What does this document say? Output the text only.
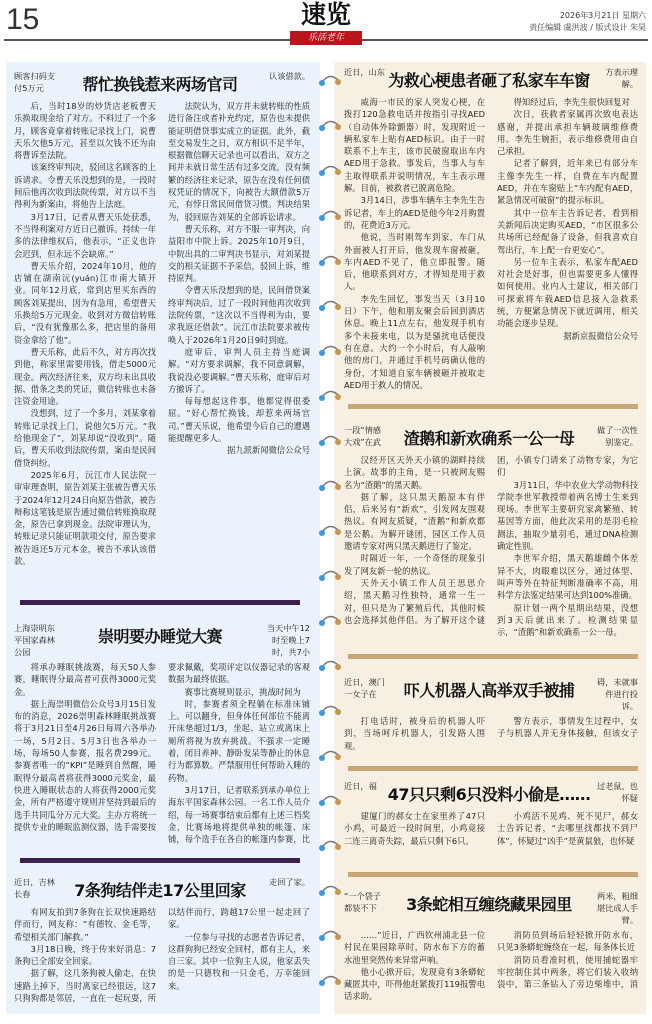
15	速览
乐活老年
2026年3月21日 星期六
责任编辑 虞洪波 / 版式设计 朱昊
顾客扫码支付5万元	帮忙换钱惹来两场官司	认该借款。

后，当时18岁的炒货店老板曹天乐换取现金给了对方。不料过了一个多月，顾客竟拿着转账记录找上门，说曹天乐欠他5万元，甚至以欠钱不还为由将曹诉至法院。

该案终审判决，驳回这名顾客的上诉请求。令曹天乐没想到的是，一段时间后他再次收到法院传票，对方以不当得利为新案由，将他告上法庭。

3月17日，记者从曹天乐处获悉，不当得利案对方近日已撤诉。持续一年多的法律维权后，他表示，“正义也许会迟到，但永远不会缺席。”

曹天乐介绍，2024年10月，他的店铺在湖南沅(yuán)江市南大镇开业。同年12月底，常到店里买东西的顾客刘某提出，因为有急用，希望曹天乐换给5万元现金。收到对方微信转账后，“没有犹豫那么多，把店里的备用资金拿给了他”。

曹天乐称，此后不久，对方再次找到他，称家里需要用钱，借走5000元现金。两次经济往来，双方均未出具收据、借条之类的凭证，微信转账也未备注资金用途。

没想到，过了一个多月，刘某拿着转账记录找上门，说他欠5万元。“我给他现金了”，刘某却说“没收到”。随后，曹天乐收到法院传票，案由是民间借贷纠纷。

2025年6月，沅江市人民法院一审审理查明，原告刘某主张被告曹天乐于2024年12月24日向原告借款，被告辩称这笔钱是原告通过微信转账换取现金，原告已拿到现金。法院审理认为，转账记录只能证明款项交付，原告要求被告返还5万元本金，被告不承认该借款。

法院认为，双方并未就转账的性质进行备注或者补充约定，原告也未提供能证明借贷事实成立的证据。此外，截至交易发生之日，双方相识不足半年，根据微信聊天记录也可以看出，双方之间并未就日常生活有过多交流，没有频繁的经济往来记录，原告在没有任何债权凭证的情况下，向被告大额借款5万元，有悖日常民间借贷习惯。判决结果为，驳回原告刘某的全部诉讼请求。

曹天乐称，对方不服一审判决，向益阳市中院上诉。2025年10月9日，中院出具的二审判决书显示，对刘某提交的相关证据不予采信，驳回上诉，维持原判。

令曹天乐没想到的是，民间借贷案终审判决后，过了一段时间他再次收到法院传票，“这次以不当得利为由，要求我返还借款”。沅江市法院要求被传唤人于2026年1月20日9时到庭。

庭审后，审判人员主持当庭调解。“对方要求调解，我不同意调解，我说没必要调解。”曹天乐称，庭审后对方撤诉了。

每每想起这件事，他都觉得很委屈。“好心帮忙换钱，却惹来两场官司。”曹天乐说，他希望今后自己的遭遇能提醒更多人。

据九派新闻微信公众号

上海崇明东平国家森林公园
崇明要办睡觉大赛	当天中午12时至晚上7时，共7小

将承办睡眠挑战赛，每天50人参赛，睡眠得分最高者可获得3000元奖金。

据上海崇明微信公众号3月15日发布的消息，2026崇明森林睡眠挑战赛将于3月21日至4月26日每周六各举办一场，5月2日、5月3日也各举办一场，每场50人参赛，报名费299元。参赛者唯一的“KPI”是睡到自然醒，睡眠得分最高者将获得3000元奖金，最快进入睡眠状态的人将获得2000元奖金，所有严格遵守规则并坚持到最后的选手共同瓜分万元大奖。主办方将统一提供专业的睡眠监测仪器，选手需要按要求佩戴，奖项评定以仪器记录的客观数据为最终依据。

赛事比赛规则显示，挑战时间为

时，参赛者须全程躺在标准床铺上。可以翻身，但身体任何部位不能离开床垫超过1/3，坐起、站立或离床上厕所将视为放弃挑战。不强求一定睡着，闭目养神、静卧发呆等静止的休息行为都算数。严禁服用任何帮助入睡的药物。

3月17日，记者联系到承办单位上海东平国家森林公园。一名工作人员介绍，每一场赛事结束后都有上述三档奖金，比赛场地将提供单独的帐篷、床铺，每个选手在各自的帐篷内参赛，比

近日，吉林长春	7条狗结伴走17公里回家	走回了家。

有网友拍到7条狗在长双快速路结伴而行，网友称：“有德牧、金毛等，希望相关部门解救。”

3月18日晚，终于传来好消息：7条狗已全部安全回家。

据了解，这几条狗被人偷走，在快速路上掉下，当时离家已经很远，这7只狗狗都是邻居，一直在一起玩耍，所以结伴而行，跨越17公里一起走回了家。

一位参与寻找的志愿者告诉记者，这群狗狗已经安全回村，都有主人，来自三家。其中一位狗主人说，他家丢失的是一只德牧和一只金毛，万幸能回来。

近日，山东 为救心梗患者砸了私家车车窗	方表示理解。

威海一市民的家人突发心梗，在拨打120急救电话并按指引寻找AED（自动体外除颤器）时，发现附近一辆私家车上贴有AED标识。由于一时联系不上车主，该市民破窗取出车内AED用于急救。事发后，当事人与车主取得联系并说明情况，车主表示理解。目前，被救者已脱离危险。

3月14日，涉事车辆车主李先生告诉记者，车上的AED是他今年2月购置的，花费近3万元。

他说，当时刚驾车到家，车门从外面被人打开后，他发现车窗被砸，车内AED不见了，他立即报警。随后，他联系到对方，才得知是用于救人。

李先生回忆，事发当天（3月10日）下午，他和朋友聚会后回到酒店休息。晚上11点左右，他发现手机有多个未接来电，以为是骚扰电话便没有在意。大约一个小时后，有人敲响他的房门，并通过手机号码确认他的身份，才知道自家车辆被砸并被取走AED用于救人的情况。

得知经过后，李先生很快回复对

次日，获救者家属再次致电表达感谢，并提出承担车辆玻璃维修费用。李先生婉拒，表示维修费用由自己承担。

记者了解到，近年来已有部分车主像李先生一样，自费在车内配置AED，并在车窗贴上“车内配有AED，紧急情况可破窗”的提示标识。

其中一位车主告诉记者，看到相关新闻后决定购买AED，“市区很多公共场所已经配备了设备，但我喜欢自驾出行，车上配一台更安心”。

另一位车主表示，私家车配AED对社会是好事，但也需要更多人懂得如何使用。业内人士建议，相关部门可探索将车载AED信息接入急救系统，方便紧急情况下就近调用，相关功能会逐步呈现。

据新京报微信公众号

一段“情感大戏”在武	渣鹅和新欢确系一公一母	做了一次性别鉴定。

汉经开区天外天小镇的湖畔持续上演。故事的主角，是一只被网友赐名为“渣鹅”的黑天鹅。

据了解，这只黑天鹅原本有伴侣，后来另有“新欢”，引发网友围观热议。有网友质疑，“渣鹅”和新欢都是公鹅。为解开谜团，园区工作人员邀请专家对两只黑天鹅进行了鉴定。

时隔近一年，一个奇怪的现象引发了网友新一轮的热议。

天外天小镇工作人员王思思介绍，黑天鹅习性独特，通常一生一对，但只是为了繁殖后代，其他时候也会选择其他伴侣。为了解开这个谜团，小镇专门请来了动物专家，为它们

3月11日，华中农业大学动物科技学院李世军教授带着两名博士生来到现场。李世军主要研究家禽繁殖、转基因等方面，他此次采用的是羽毛检测法，抽取少量羽毛，通过DNA检测确定性别。

李世军介绍，黑天鹅雄雌个体差异不大，肉眼难以区分，通过体型、叫声等外在特征判断准确率不高，用科学方法鉴定结果可达到100%准确。

原计划一两个星期出结果，没想到3天后就出来了。检测结果显示，“渣鹅”和新欢确系一公一母。

近日，澳门一女子在	吓人机器人高举双手被捕	碍，未就事件进行投诉。

打电话时，被身后的机器人吓到，当场呵斥机器人，引发路人围观。

警方表示，事情发生过程中，女子与机器人并无身体接触，但该女子

近日，福 47只只剩6只没料小偷是…… 过老鼠，也怀疑

建厦门的郝女士在家里养了47只小鸡，可最近一段时间里，小鸡竟接二连三离奇失踪，最后只剩下6只。

小鸡活不见鸡、死不见尸，郝女士告诉记者，“去哪里找都找不到尸体”，怀疑过“凶手”是黄鼠狼，也怀疑

“一个袋子都装不下	3条蛇相互缠绕藏果园里	两米，粗细堪比成人手臂。

……”近日，广西钦州浦北县一位村民在果园除草时，防水布下方的蓄水池里突然传来异常声响。

他小心掀开后，发现竟有3条蟒蛇藏匿其中，吓得他赶紧拨打119报警电话求助。

消防员到场后轻轻掀开防水布，只见3条蟒蛇缠绕在一起，每条体长近

消防员看准时机，使用捕蛇器牢牢控制住其中两条，将它们装入收纳袋中，第三条钻入了旁边柴堆中，消
